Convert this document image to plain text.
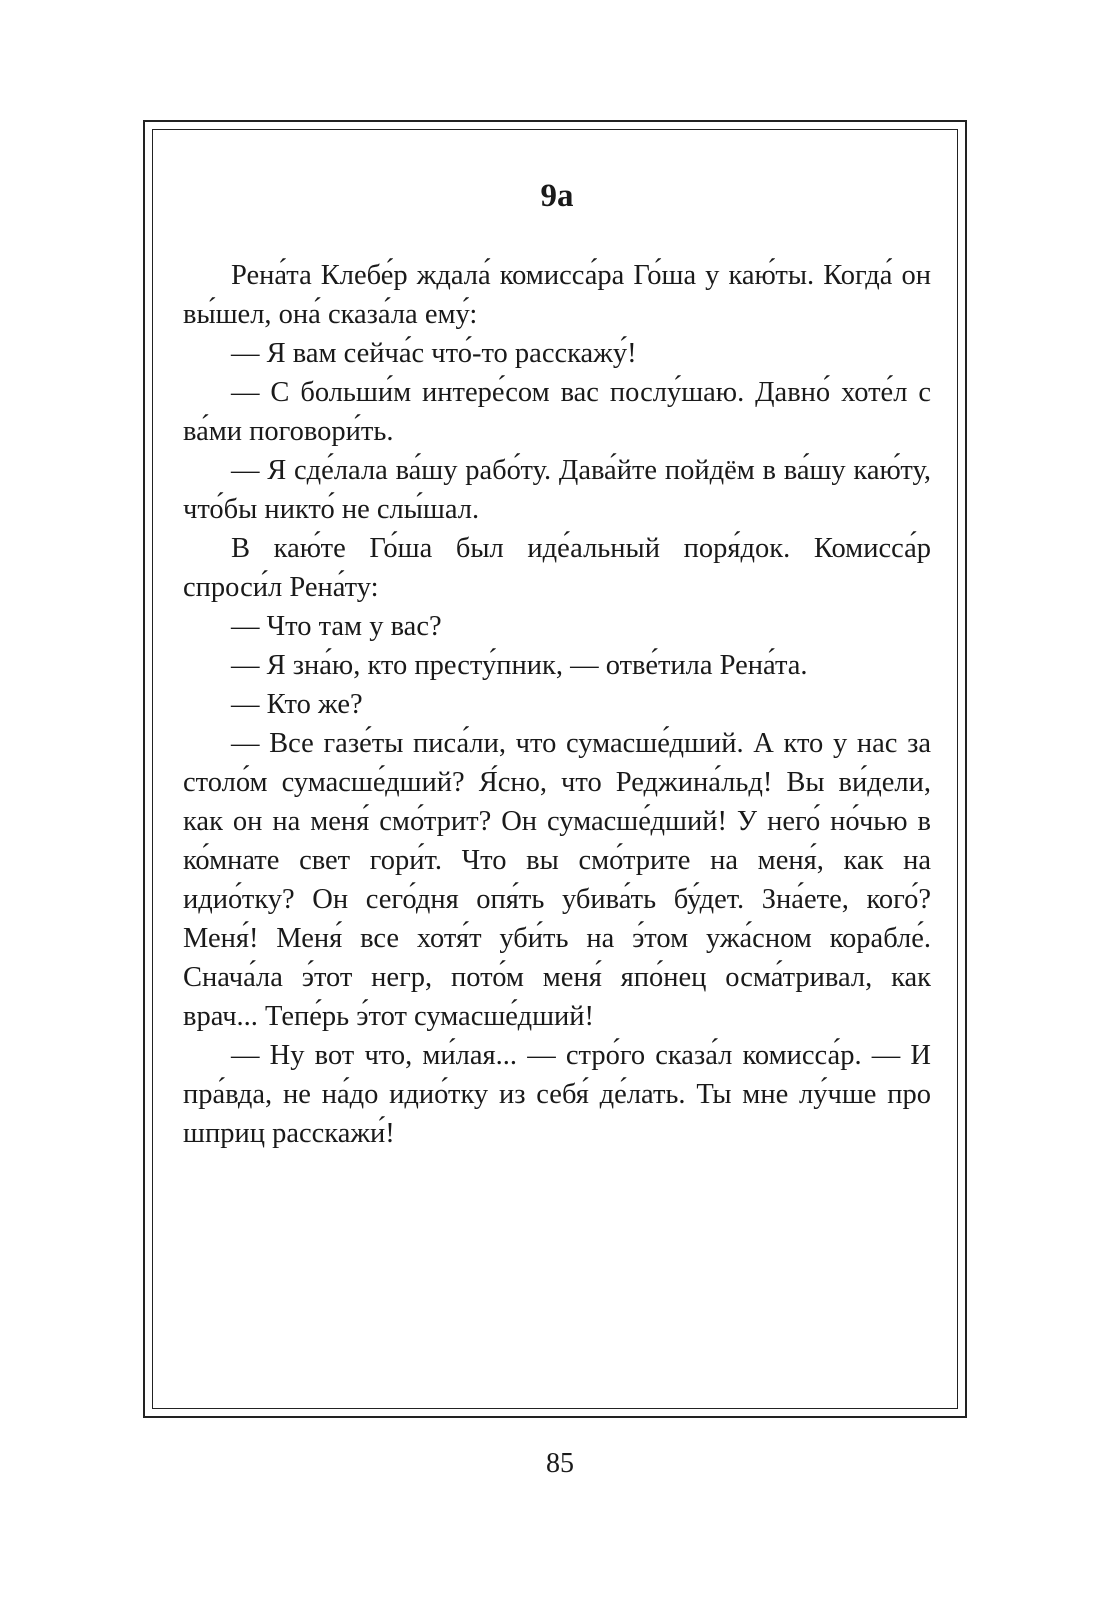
9a

Рена́та Клебе́р ждала́ комисса́ра Го́ша у каю́ты. Когда́ он вы́шел, она́ сказа́ла ему́:

— Я вам сейча́с что́-то расскажу́!

— С больши́м интере́сом вас послу́шаю. Давно́ хоте́л с ва́ми поговори́ть.

— Я сде́лала ва́шу рабо́ту. Дава́йте пойдём в ва́шу каю́ту, что́бы никто́ не слы́шал.

В каю́те Го́ша был иде́альный поря́док. Комисса́р спроси́л Рена́ту:

— Что там у вас?

— Я зна́ю, кто престу́пник, — отве́тила Рена́та.

— Кто же?

— Все газе́ты писа́ли, что сумасше́дший. А кто у нас за столо́м сумасше́дший? Я́сно, что Реджина́льд! Вы ви́дели, как он на меня́ смо́трит? Он сумасше́дший! У него́ но́чью в ко́мнате свет гори́т. Что вы смо́трите на меня́, как на идио́тку? Он сего́дня опя́ть убива́ть бу́дет. Зна́ете, кого́? Меня́! Меня́ все хотя́т уби́ть на э́том ужа́сном корабле́. Снача́ла э́тот негр, пото́м меня́ япо́нец осма́тривал, как врач... Тепе́рь э́тот сумасше́дший!

— Ну вот что, ми́лая... — стро́го сказа́л комисса́р. — И пра́вда, не на́до идио́тку из себя́ де́лать. Ты мне лу́чше про шприц расскажи́!

85
